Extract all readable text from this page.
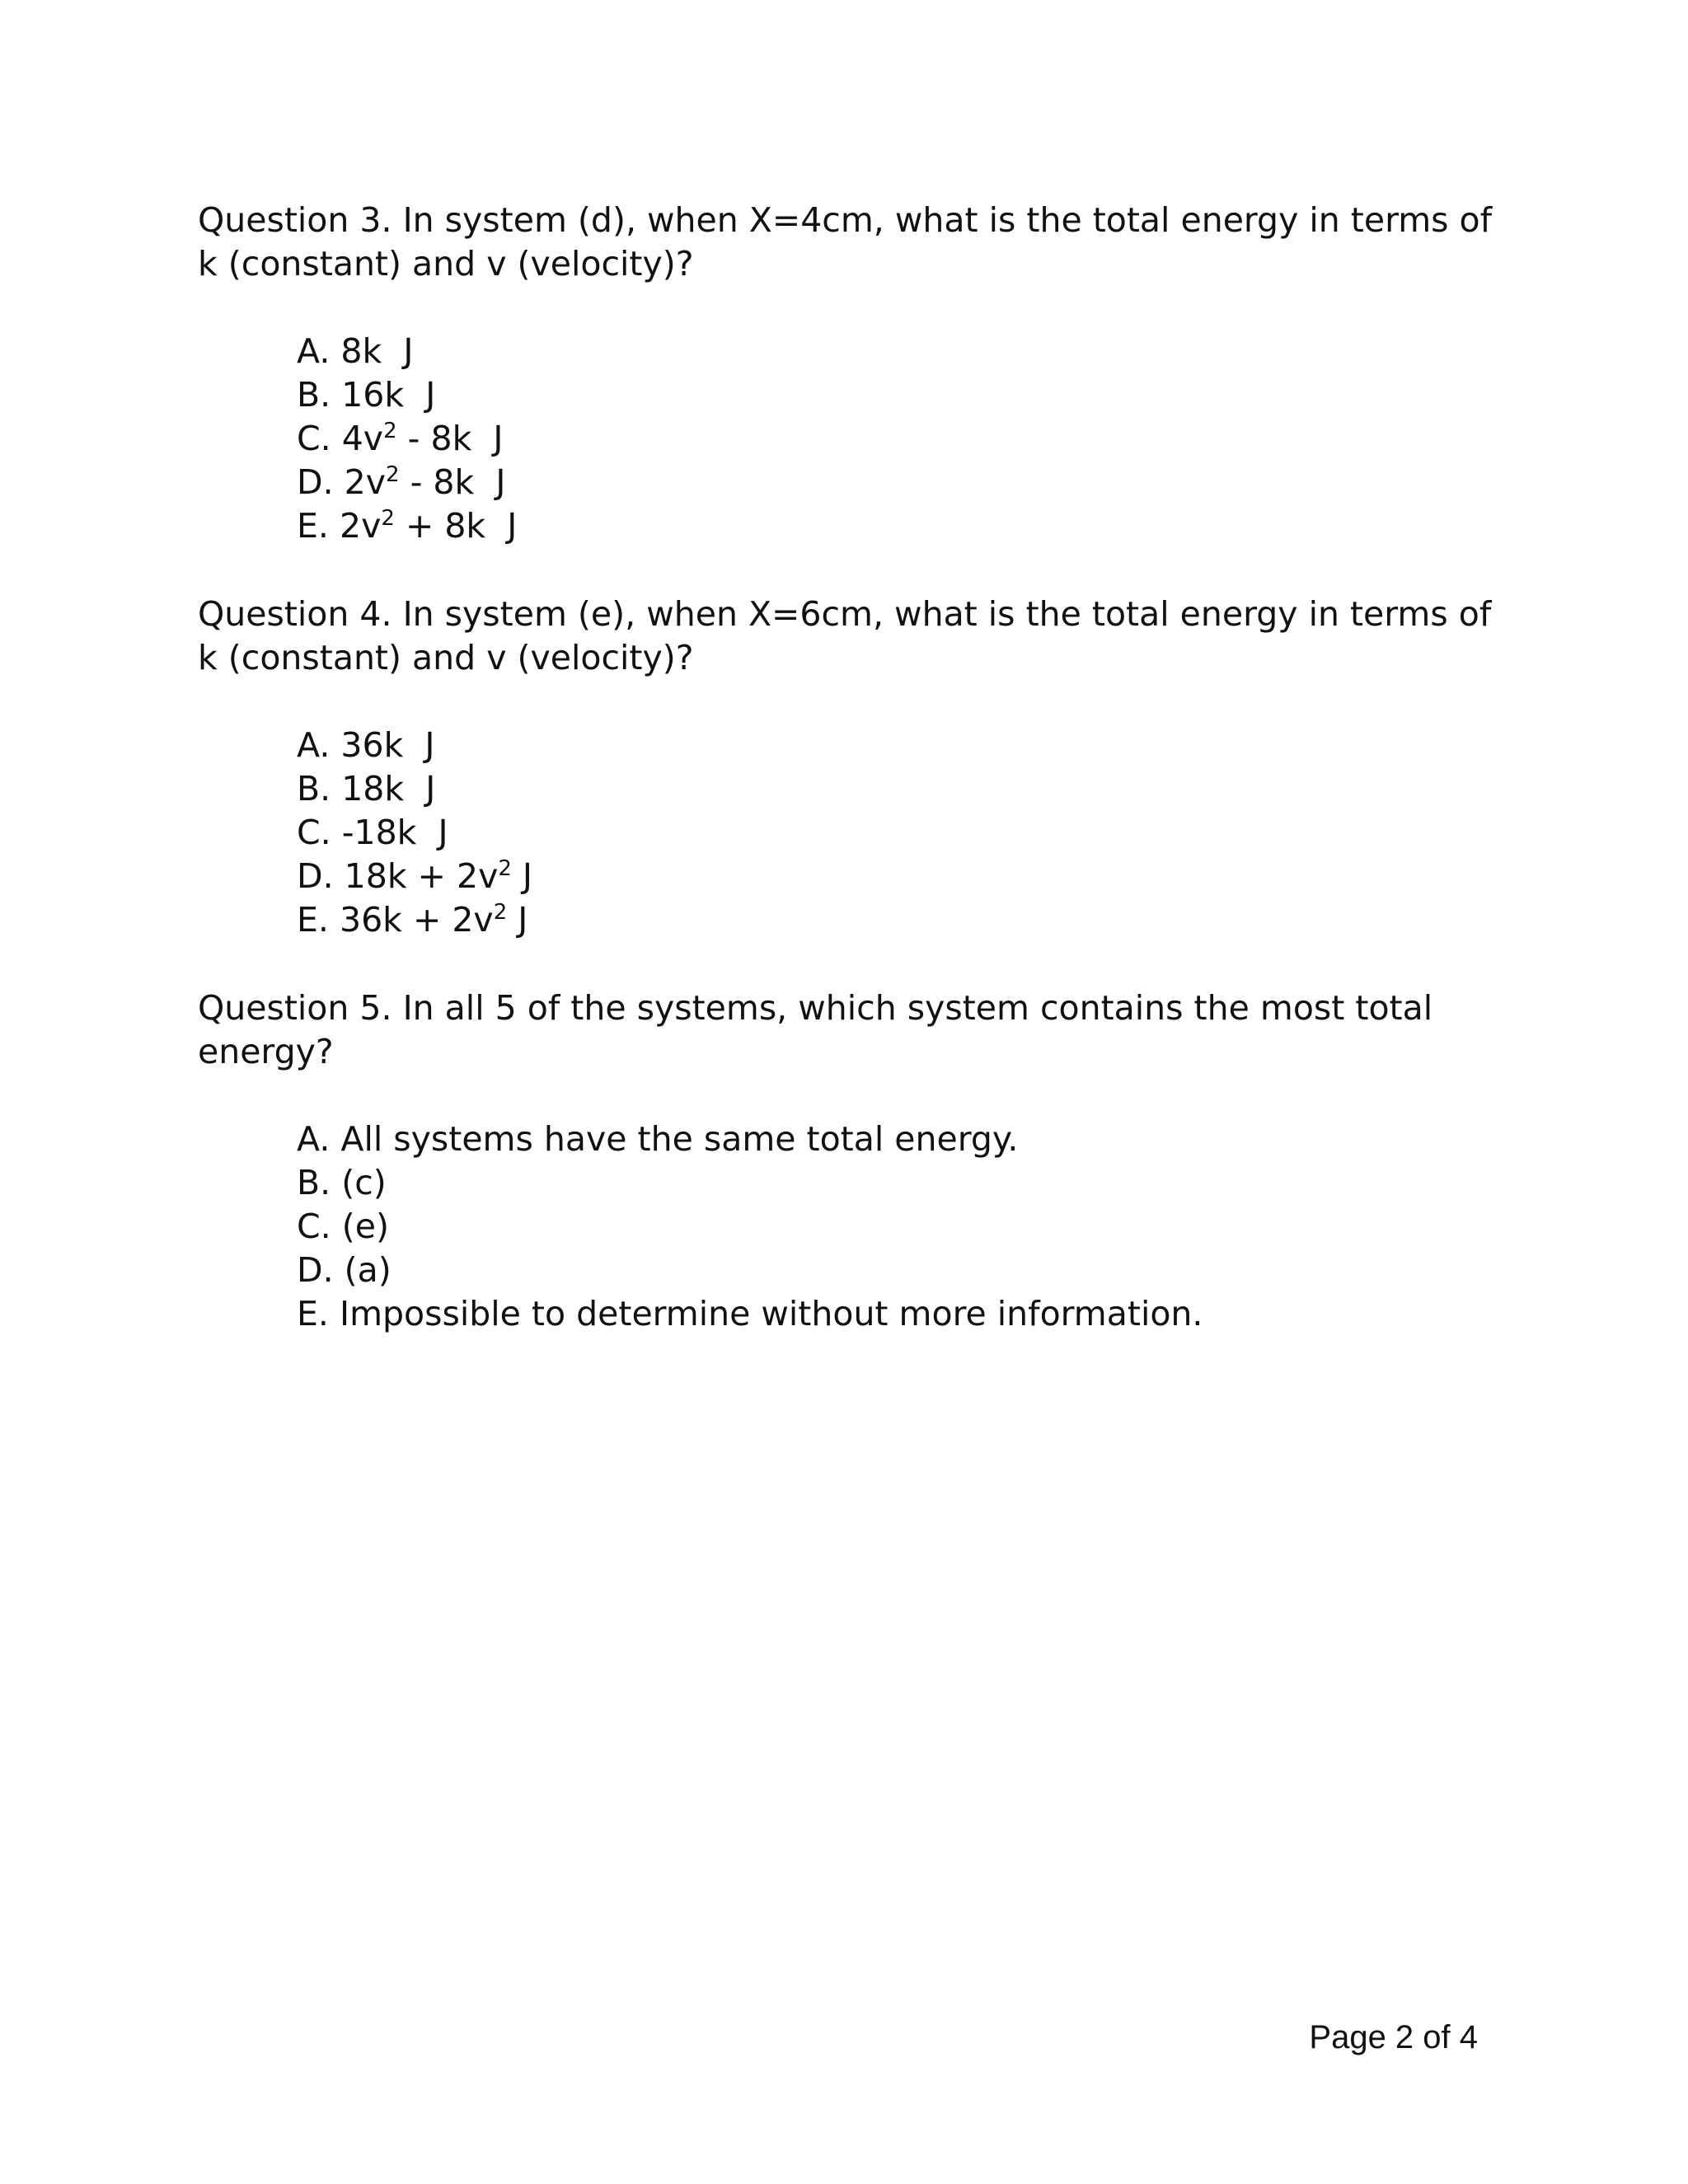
Question 3. In system (d), when X=4cm, what is the total energy in terms of k (constant) and v (velocity)?

A. 8k  J
B. 16k  J
C. $4v^2 - 8k$  J
D. $2v^2 - 8k$  J
E. $2v^2 + 8k$  J

Question 4. In system (e), when X=6cm, what is the total energy in terms of k (constant) and v (velocity)?

A. 36k  J
B. 18k  J
C. -18k  J
D. $18k + 2v^2$ J
E. $36k + 2v^2$ J

Question 5. In all 5 of the systems, which system contains the most total energy?

A. All systems have the same total energy.
B. (c)
C. (e)
D. (a)
E. Impossible to determine without more information.
Page 2 of 4
